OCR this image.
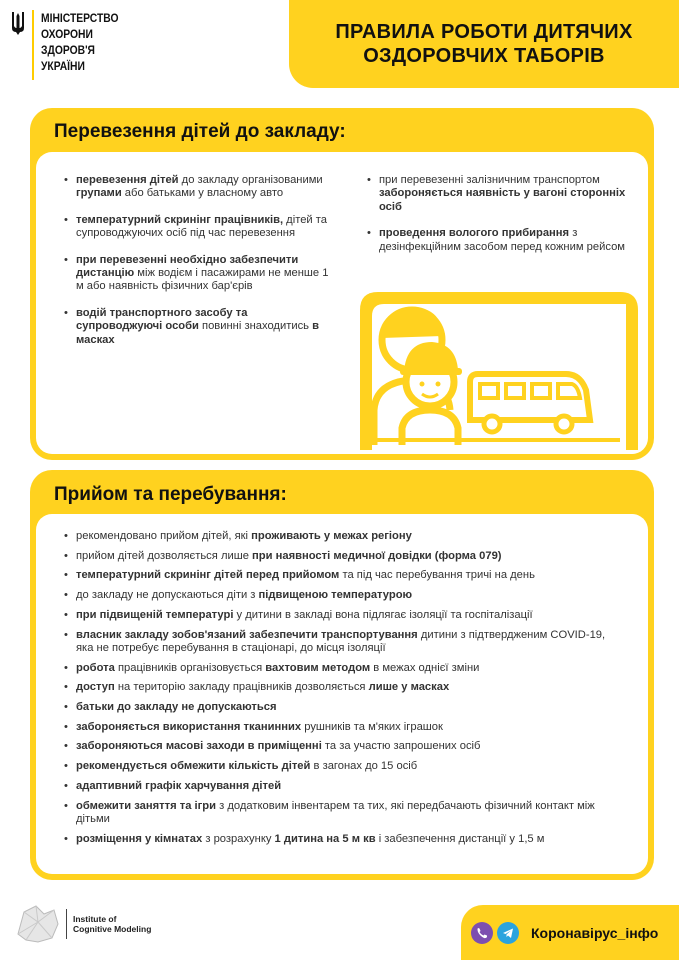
МІНІСТЕРСТВО
ОХОРОНИ
ЗДОРОВ'Я
УКРАЇНИ
ПРАВИЛА РОБОТИ ДИТЯЧИХ
ОЗДОРОВЧИХ ТАБОРІВ
Перевезення дітей до закладу:
• перевезення дітей до закладу організованими групами або батьками у власному авто
• температурний скринінг працівників, дітей та супроводжуючих осіб під час перевезення
• при перевезенні необхідно забезпечити дистанцію між водієм і пасажирами не менше 1 м або наявність фізичних бар'єрів
• водій транспортного засобу та супроводжуючі особи повинні знаходитись в масках
• при перевезенні залізничним транспортом забороняється наявність у вагоні сторонніх осіб
• проведення вологого прибирання з дезінфекційним засобом перед кожним рейсом
Прийом та перебування:
• рекомендовано прийом дітей, які проживають у межах регіону
• прийом дітей дозволяється лише при наявності медичної довідки (форма 079)
• температурний скринінг дітей перед прийомом та під час перебування тричі на день
• до закладу не допускаються діти з підвищеною температурою
• при підвищеній температурі у дитини в закладі вона підлягає ізоляції та госпіталізації
• власник закладу зобов'язаний забезпечити транспортування дитини з підтвердженим COVID-19, яка не потребує перебування в стаціонарі, до місця ізоляції
• робота працівників організовується вахтовим методом в межах однієї зміни
• доступ на територію закладу працівників дозволяється лише у масках
• батьки до закладу не допускаються
• забороняється використання тканинних рушників та м'яких іграшок
• забороняються масові заходи в приміщенні та за участю запрошених осіб
• рекомендується обмежити кількість дітей в загонах до 15 осіб
• адаптивний графік харчування дітей
• обмежити заняття та ігри з додатковим інвентарем та тих, які передбачають фізичний контакт між дітьми
• розміщення у кімнатах з розрахунку 1 дитина на 5 м кв і забезпечення дистанції у 1,5 м
Institute of
Cognitive Modeling	Коронавірус_інфо
